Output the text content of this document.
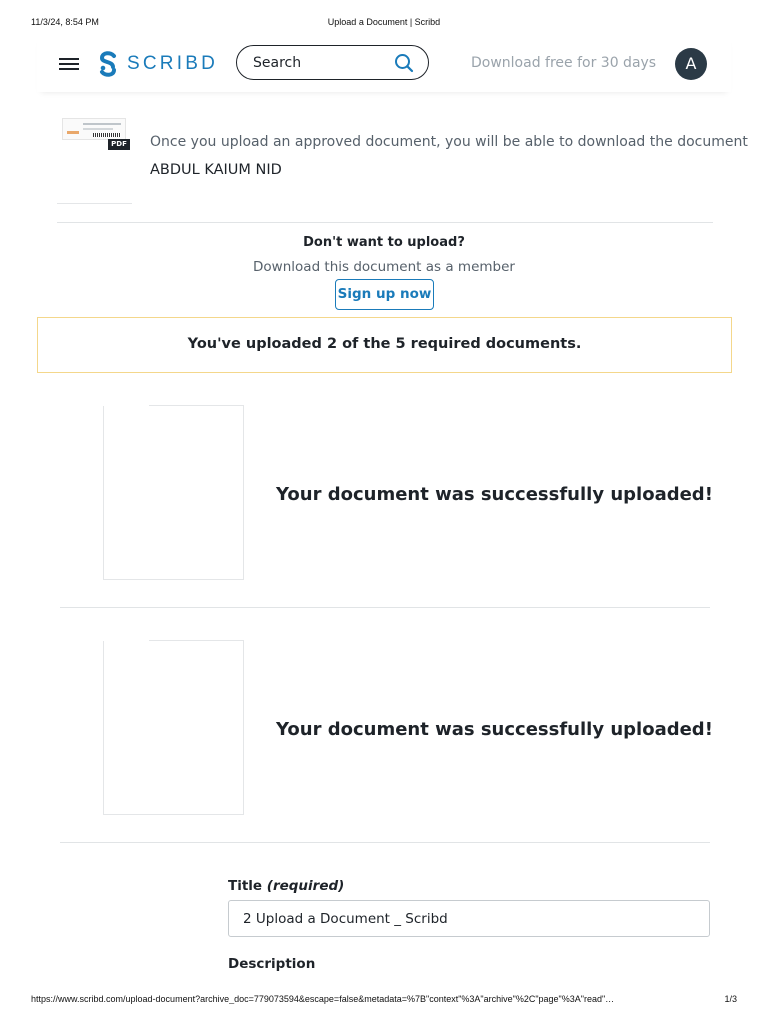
11/3/24, 8:54 PM	Upload a Document | Scribd
SCRIBD	Search	Download free for 30 days	A
PDF Once you upload an approved document, you will be able to download the document
ABDUL KAIUM NID
Don't want to upload?
Download this document as a member
Sign up now
You've uploaded 2 of the 5 required documents.
Your document was successfully uploaded!
Your document was successfully uploaded!
Title (required)
2 Upload a Document _ Scribd
Description
https://www.scribd.com/upload-document?archive_doc=779073594&escape=false&metadata=%7B"context"%3A"archive"%2C"page"%3A"read"…	1/3
